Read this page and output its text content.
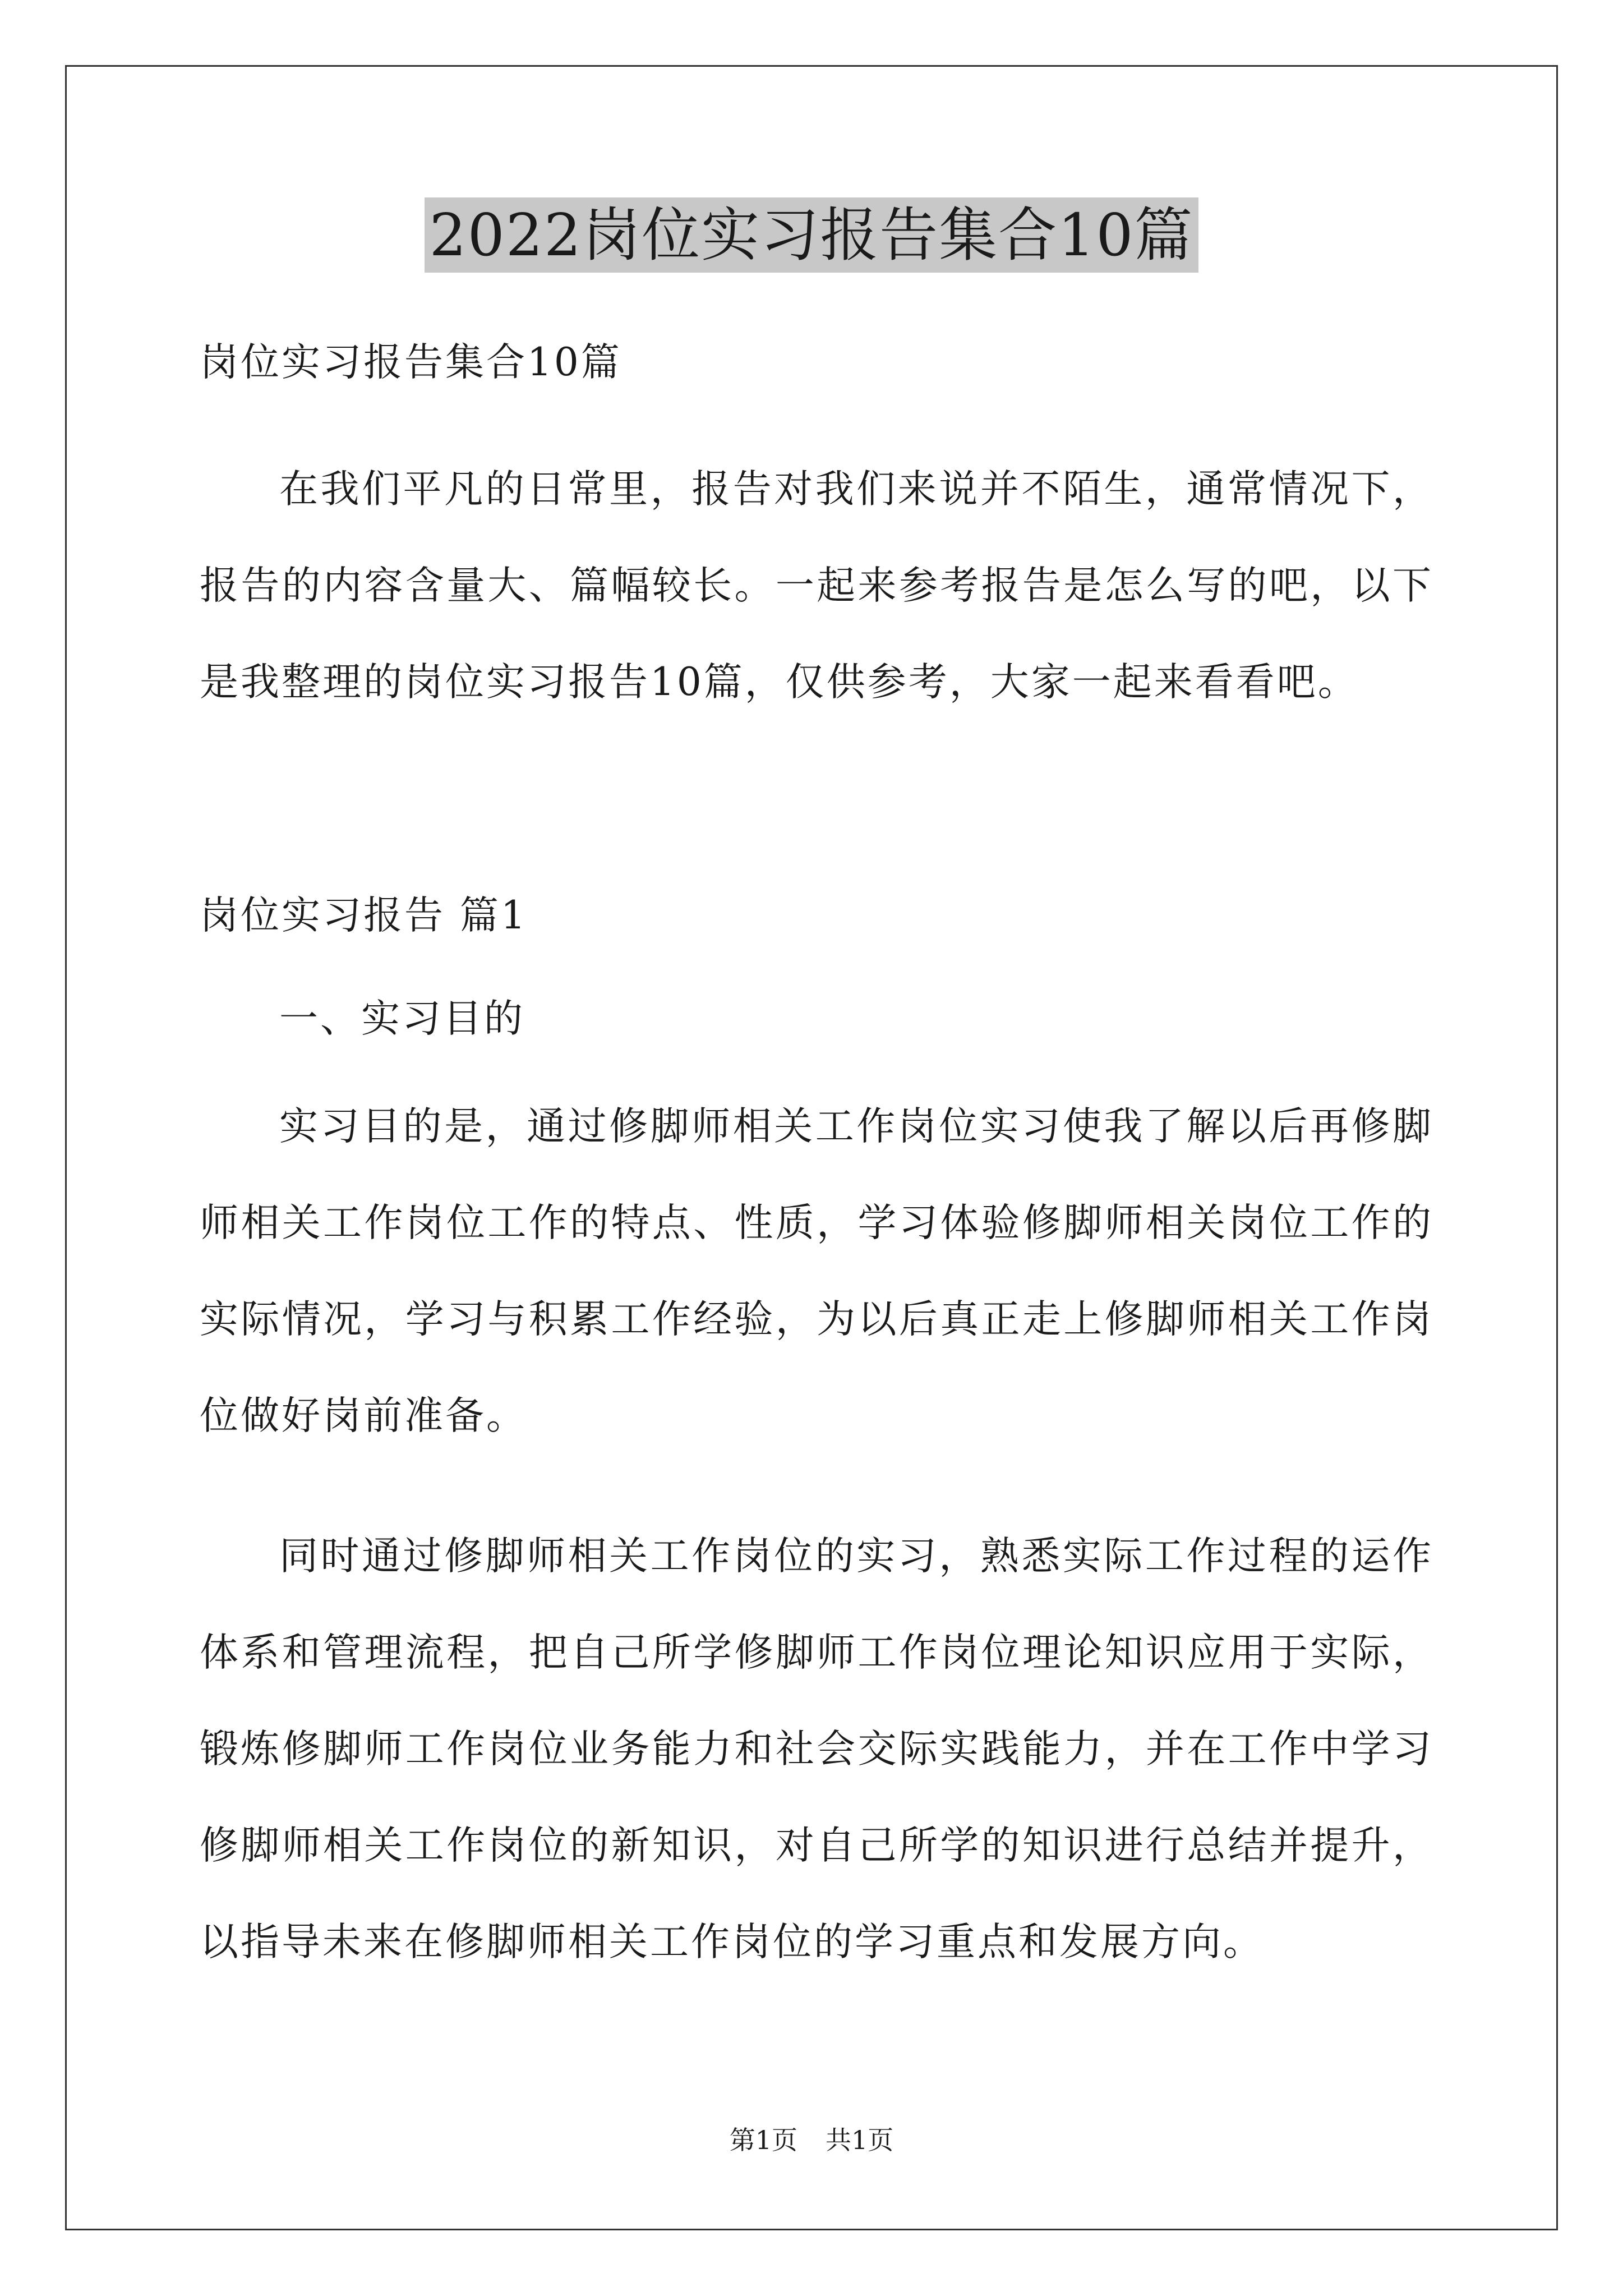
2022岗位实习报告集合10篇

岗位实习报告集合10篇

在我们平凡的日常里，报告对我们来说并不陌生，通常情况下，报告的内容含量大、篇幅较长。一起来参考报告是怎么写的吧，以下是我整理的岗位实习报告10篇，仅供参考，大家一起来看看吧。

岗位实习报告 篇1

一、实习目的

实习目的是，通过修脚师相关工作岗位实习使我了解以后再修脚师相关工作岗位工作的特点、性质，学习体验修脚师相关岗位工作的实际情况，学习与积累工作经验，为以后真正走上修脚师相关工作岗位做好岗前准备。

同时通过修脚师相关工作岗位的实习，熟悉实际工作过程的运作体系和管理流程，把自己所学修脚师工作岗位理论知识应用于实际，锻炼修脚师工作岗位业务能力和社会交际实践能力，并在工作中学习修脚师相关工作岗位的新知识，对自己所学的知识进行总结并提升，以指导未来在修脚师相关工作岗位的学习重点和发展方向。

第1页 共1页
